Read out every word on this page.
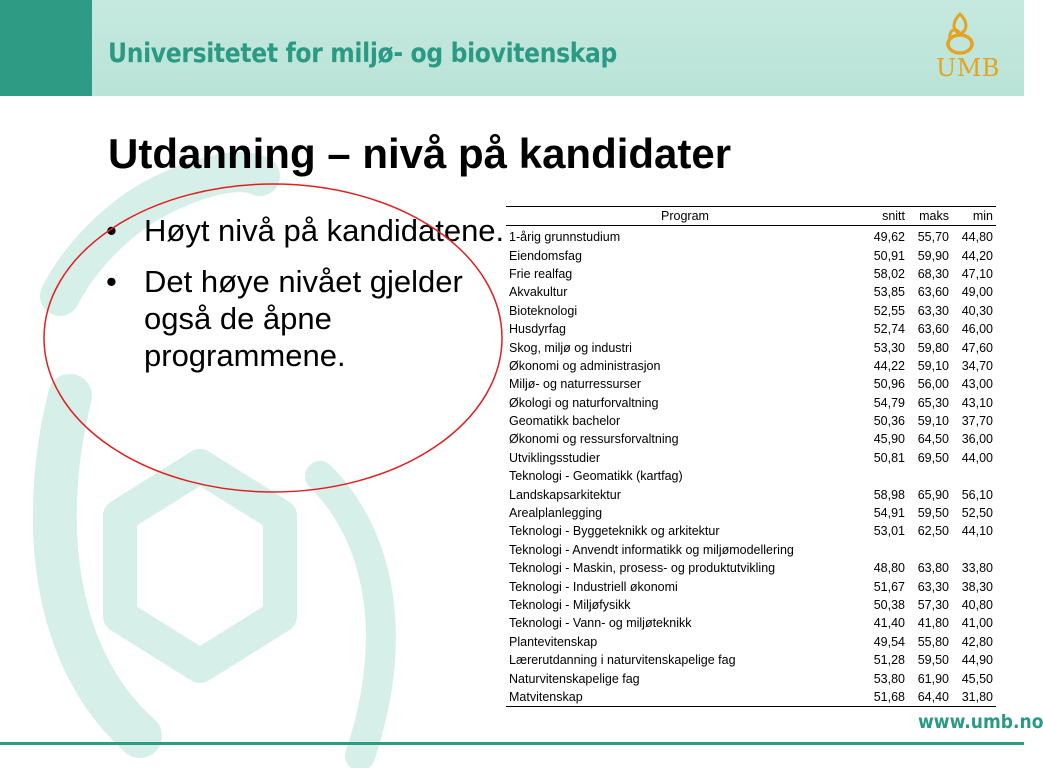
Universitetet for miljø- og biovitenskap	UMB
Utdanning – nivå på kandidater
• Høyt nivå på kandidatene.
• Det høye nivået gjelder også de åpne programmene.
Program	snitt	maks	min
1-årig grunnstudium	49,62	55,70	44,80
Eiendomsfag	50,91	59,90	44,20
Frie realfag	58,02	68,30	47,10
Akvakultur	53,85	63,60	49,00
Bioteknologi	52,55	63,30	40,30
Husdyrfag	52,74	63,60	46,00
Skog, miljø og industri	53,30	59,80	47,60
Økonomi og administrasjon	44,22	59,10	34,70
Miljø- og naturressurser	50,96	56,00	43,00
Økologi og naturforvaltning	54,79	65,30	43,10
Geomatikk bachelor	50,36	59,10	37,70
Økonomi og ressursforvaltning	45,90	64,50	36,00
Utviklingsstudier	50,81	69,50	44,00
Teknologi - Geomatikk (kartfag)			
Landskapsarkitektur	58,98	65,90	56,10
Arealplanlegging	54,91	59,50	52,50
Teknologi - Byggeteknikk og arkitektur	53,01	62,50	44,10
Teknologi - Anvendt informatikk og miljømodellering			
Teknologi - Maskin, prosess- og produktutvikling	48,80	63,80	33,80
Teknologi - Industriell økonomi	51,67	63,30	38,30
Teknologi - Miljøfysikk	50,38	57,30	40,80
Teknologi - Vann- og miljøteknikk	41,40	41,80	41,00
Plantevitenskap	49,54	55,80	42,80
Lærerutdanning i naturvitenskapelige fag	51,28	59,50	44,90
Naturvitenskapelige fag	53,80	61,90	45,50
Matvitenskap	51,68	64,40	31,80
www.umb.no
